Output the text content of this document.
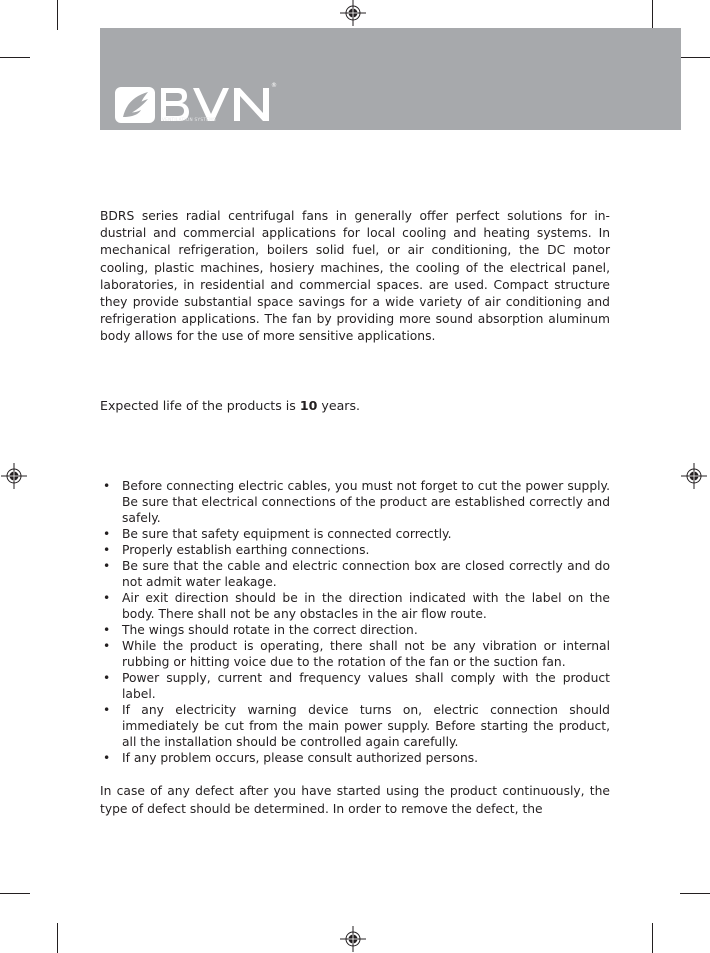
VENTILATION SYSTEMS
®

BDRS series radial centrifugal fans in generally offer perfect solutions for in-dustrial and commercial applications for local cooling and heating systems. In mechanical refrigeration, boilers solid fuel, or air conditioning, the DC motor cooling, plastic machines, hosiery machines, the cooling of the electrical panel, laboratories, in residential and commercial spaces. are used. Compact structure they provide substantial space savings for a wide variety of air conditioning and refrigeration applications. The fan by providing more sound absorption aluminum body allows for the use of more sensitive applications.

Expected life of the products is 10 years.
• Before connecting electric cables, you must not forget to cut the power supply. Be sure that electrical connections of the product are established correctly and safely.
• Be sure that safety equipment is connected correctly.
• Properly establish earthing connections.
• Be sure that the cable and electric connection box are closed correctly and do not admit water leakage.
• Air exit direction should be in the direction indicated with the label on the body. There shall not be any obstacles in the air flow route.
• The wings should rotate in the correct direction.
• While the product is operating, there shall not be any vibration or internal rubbing or hitting voice due to the rotation of the fan or the suction fan.
• Power supply, current and frequency values shall comply with the product label.
• If any electricity warning device turns on, electric connection should immediately be cut from the main power supply. Before starting the product, all the installation should be controlled again carefully.
• If any problem occurs, please consult authorized persons.

In case of any defect after you have started using the product continuously, the type of defect should be determined. In order to remove the defect, the
